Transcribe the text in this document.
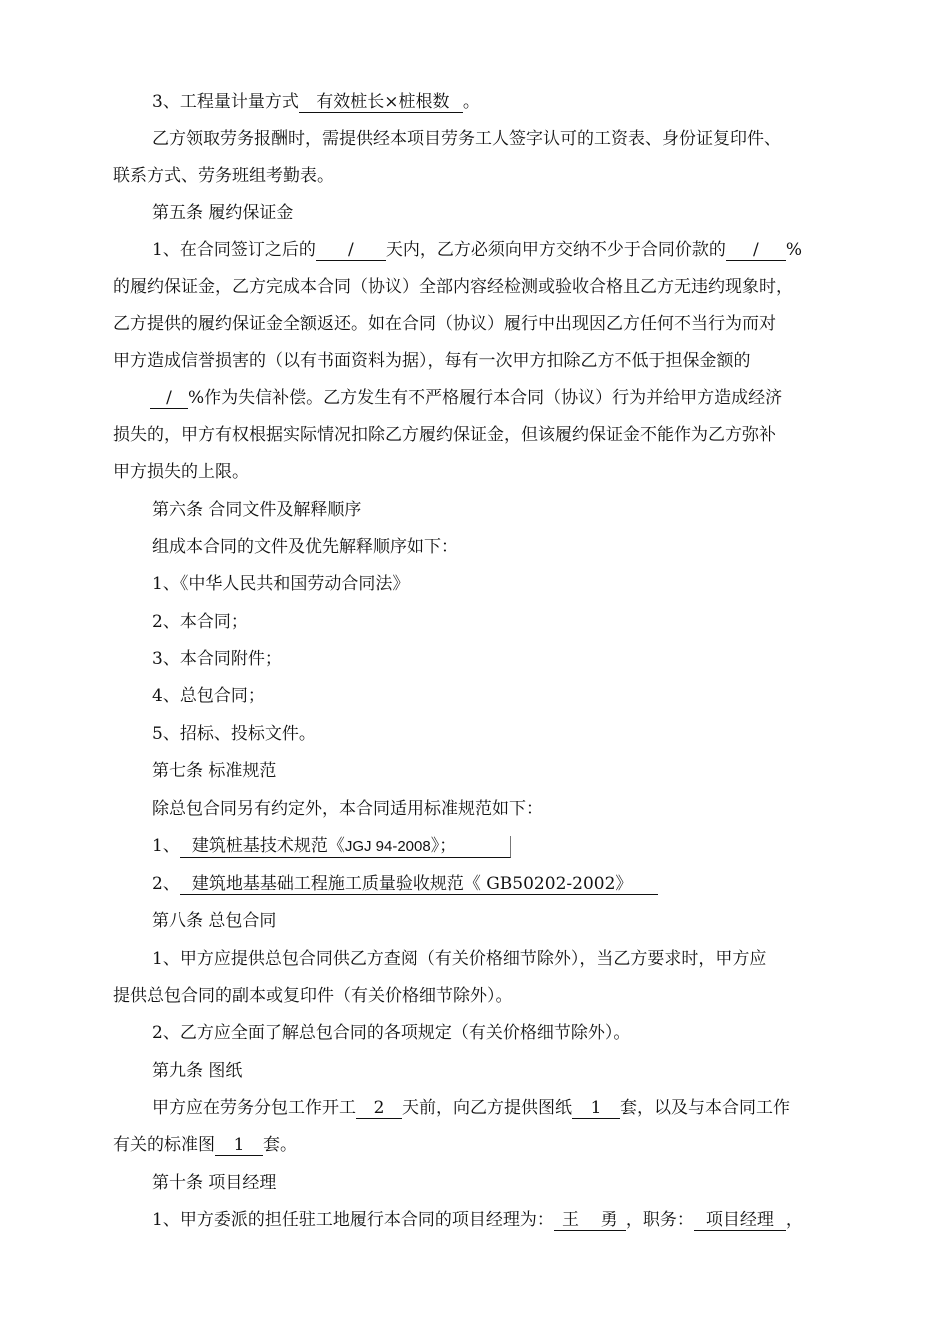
3、工程量计量方式 有效桩长×桩根数 。
乙方领取劳务报酬时，需提供经本项目劳务工人签字认可的工资表、身份证复印件、
联系方式、劳务班组考勤表。
第五条 履约保证金
1、在合同签订之后的 / 天内，乙方必须向甲方交纳不少于合同价款的 / %
的履约保证金，乙方完成本合同（协议）全部内容经检测或验收合格且乙方无违约现象时，
乙方提供的履约保证金全额返还。如在合同（协议）履行中出现因乙方任何不当行为而对
甲方造成信誉损害的（以有书面资料为据），每有一次甲方扣除乙方不低于担保金额的
/ %作为失信补偿。乙方发生有不严格履行本合同（协议）行为并给甲方造成经济
损失的，甲方有权根据实际情况扣除乙方履约保证金，但该履约保证金不能作为乙方弥补
甲方损失的上限。
第六条 合同文件及解释顺序
组成本合同的文件及优先解释顺序如下：
1、《中华人民共和国劳动合同法》
2、本合同；
3、本合同附件；
4、总包合同；
5、招标、投标文件。
第七条 标准规范
除总包合同另有约定外，本合同适用标准规范如下：
1、 建筑桩基技术规范《JGJ 94-2008》；
2、 建筑地基基础工程施工质量验收规范《 GB50202-2002》
第八条 总包合同
1、甲方应提供总包合同供乙方查阅（有关价格细节除外），当乙方要求时，甲方应
提供总包合同的副本或复印件（有关价格细节除外）。
2、乙方应全面了解总包合同的各项规定（有关价格细节除外）。
第九条 图纸
甲方应在劳务分包工作开工 2 天前，向乙方提供图纸 1 套，以及与本合同工作
有关的标准图 1 套。
第十条 项目经理
1、甲方委派的担任驻工地履行本合同的项目经理为： 王    勇 ，职务： 项目经理 ，
